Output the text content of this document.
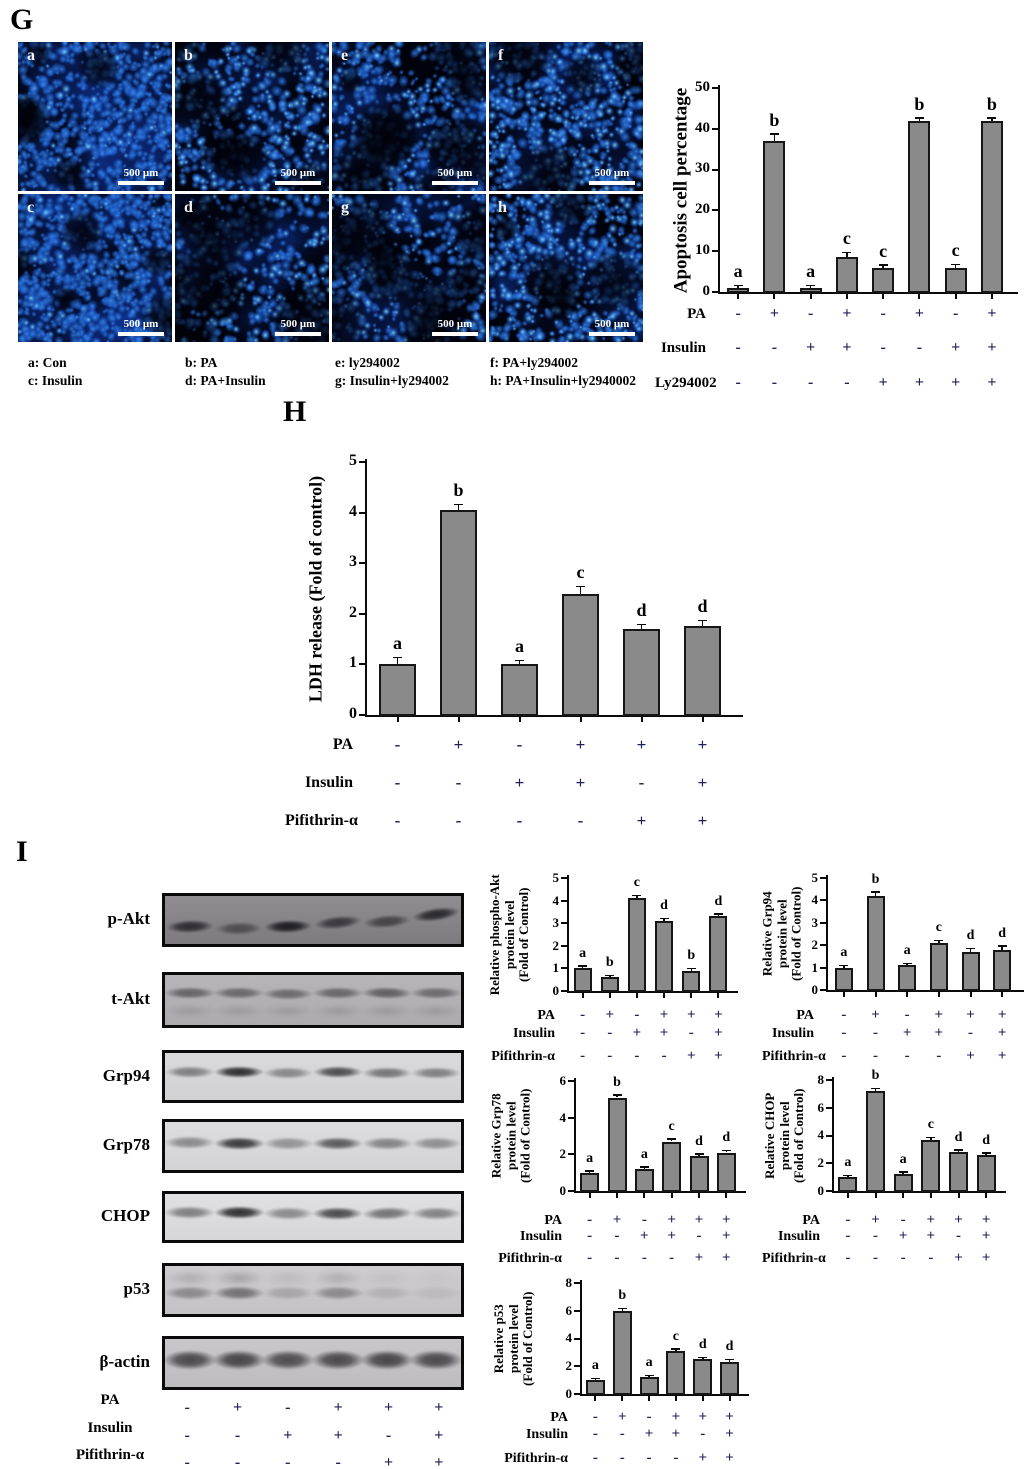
G
H
I
a
500 μm
b
500 μm
e
500 μm
f
500 μm
c
500 μm
d
500 μm
g
500 μm
h
500 μm
a: Con
c: Insulin
b: PA
d: PA+Insulin
e: ly294002
g: Insulin+ly294002
f: PA+ly294002
h: PA+Insulin+ly2940002
0
10
20
30
40
50
Apoptosis cell percentage	a
b
a
c
c
b
c
b
PA	-	+	-	+	-	+	-	+
Insulin	-	-	+	+	-	-	+	+
Ly294002	-	-	-	-	+	+	+	+
0
1
2
3
4
5
LDH release (Fold of control)	a
b
a
c
d	d
PA	-	+	-	+	+	+
Insulin	-	-	+	+	-	+
Pifithrin-α	-	-	-	-	+	+
0
1
2
3
4
5
Relative phospho-Akt protein level (Fold of Control)	a
b
c
d
b
d
PA	-	+	-	+	+	+
Insulin	-	-	+	+	-	+
Pifithrin-α	-	-	-	-	+	+
0
1
2
3
4
5
Relative Grp94 protein level (Fold of Control)	a
b
a
c
d	d
PA	-	+	-	+	+	+
Insulin	-	-	+	+	-	+
Pifithrin-α	-	-	-	-	+	+
0
2
4
6
Relative Grp78 protein level (Fold of Control)	a
b
a
c
d	d
PA	-	+	-	+	+	+
Insulin	-	-	+	+	-	+
Pifithrin-α	-	-	-	-	+	+
0
2
4
6
8
Relative CHOP protein level (Fold of Control)	a
b
a
c
d	d
PA	-	+	-	+	+	+
Insulin	-	-	+	+	-	+
Pifithrin-α	-	-	-	-	+	+
0
2
4
6
8
Relative p53 protein level (Fold of Control)	a
b
a
c
d	d
PA	-	+	-	+	+	+
Insulin	-	-	+	+	-	+
Pifithrin-α	-	-	-	-	+	+
p-Akt
t-Akt
Grp94
Grp78
CHOP
p53
β-actin
PA	-	+	-	+	+	+
Insulin	-	-	+	+	-	+
Pifithrin-α	-	-	-	-	+	+
